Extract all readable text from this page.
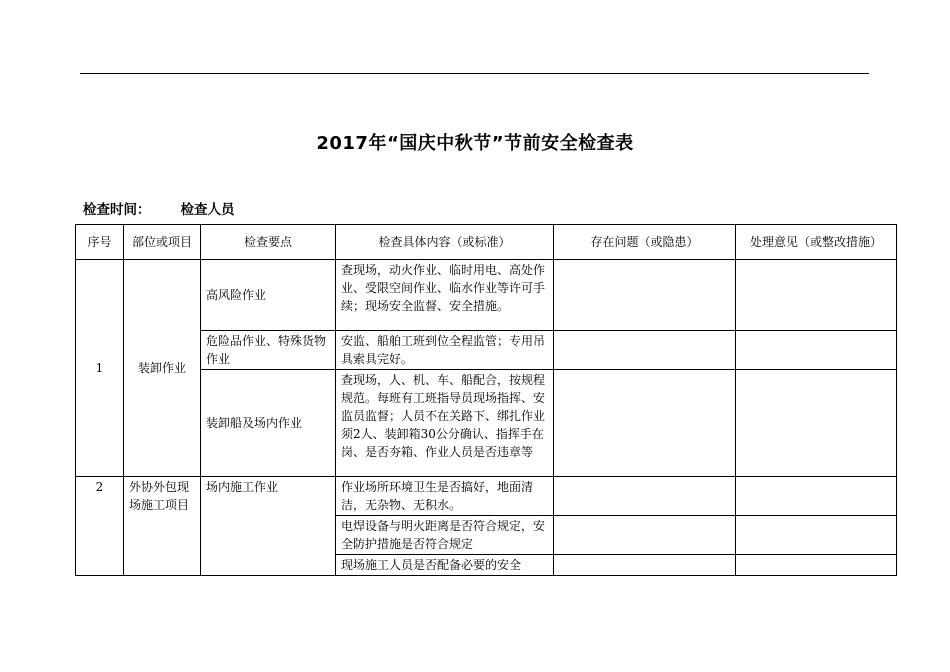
2017年“国庆中秋节”节前安全检查表
检查时间： 检查人员
序号	部位或项目	检查要点	检查具体内容（或标准）	存在问题（或隐患）	处理意见（或整改措施）
1	装卸作业	高风险作业	查现场，动火作业、临时用电、高处作业、受限空间作业、临水作业等许可手续；现场安全监督、安全措施。		
		危险品作业、特殊货物作业	安监、船舶工班到位全程监管；专用吊具索具完好。		
		装卸船及场内作业	查现场，人、机、车、船配合，按规程规范。每班有工班指导员现场指挥、安监员监督；人员不在关路下、绑扎作业须2人、装卸箱30公分确认、指挥手在岗、是否夯箱、作业人员是否违章等		
2	外协外包现场施工项目	场内施工作业	作业场所环境卫生是否搞好，地面清洁，无杂物、无积水。		
			电焊设备与明火距离是否符合规定，安全防护措施是否符合规定		
			现场施工人员是否配备必要的安全		
